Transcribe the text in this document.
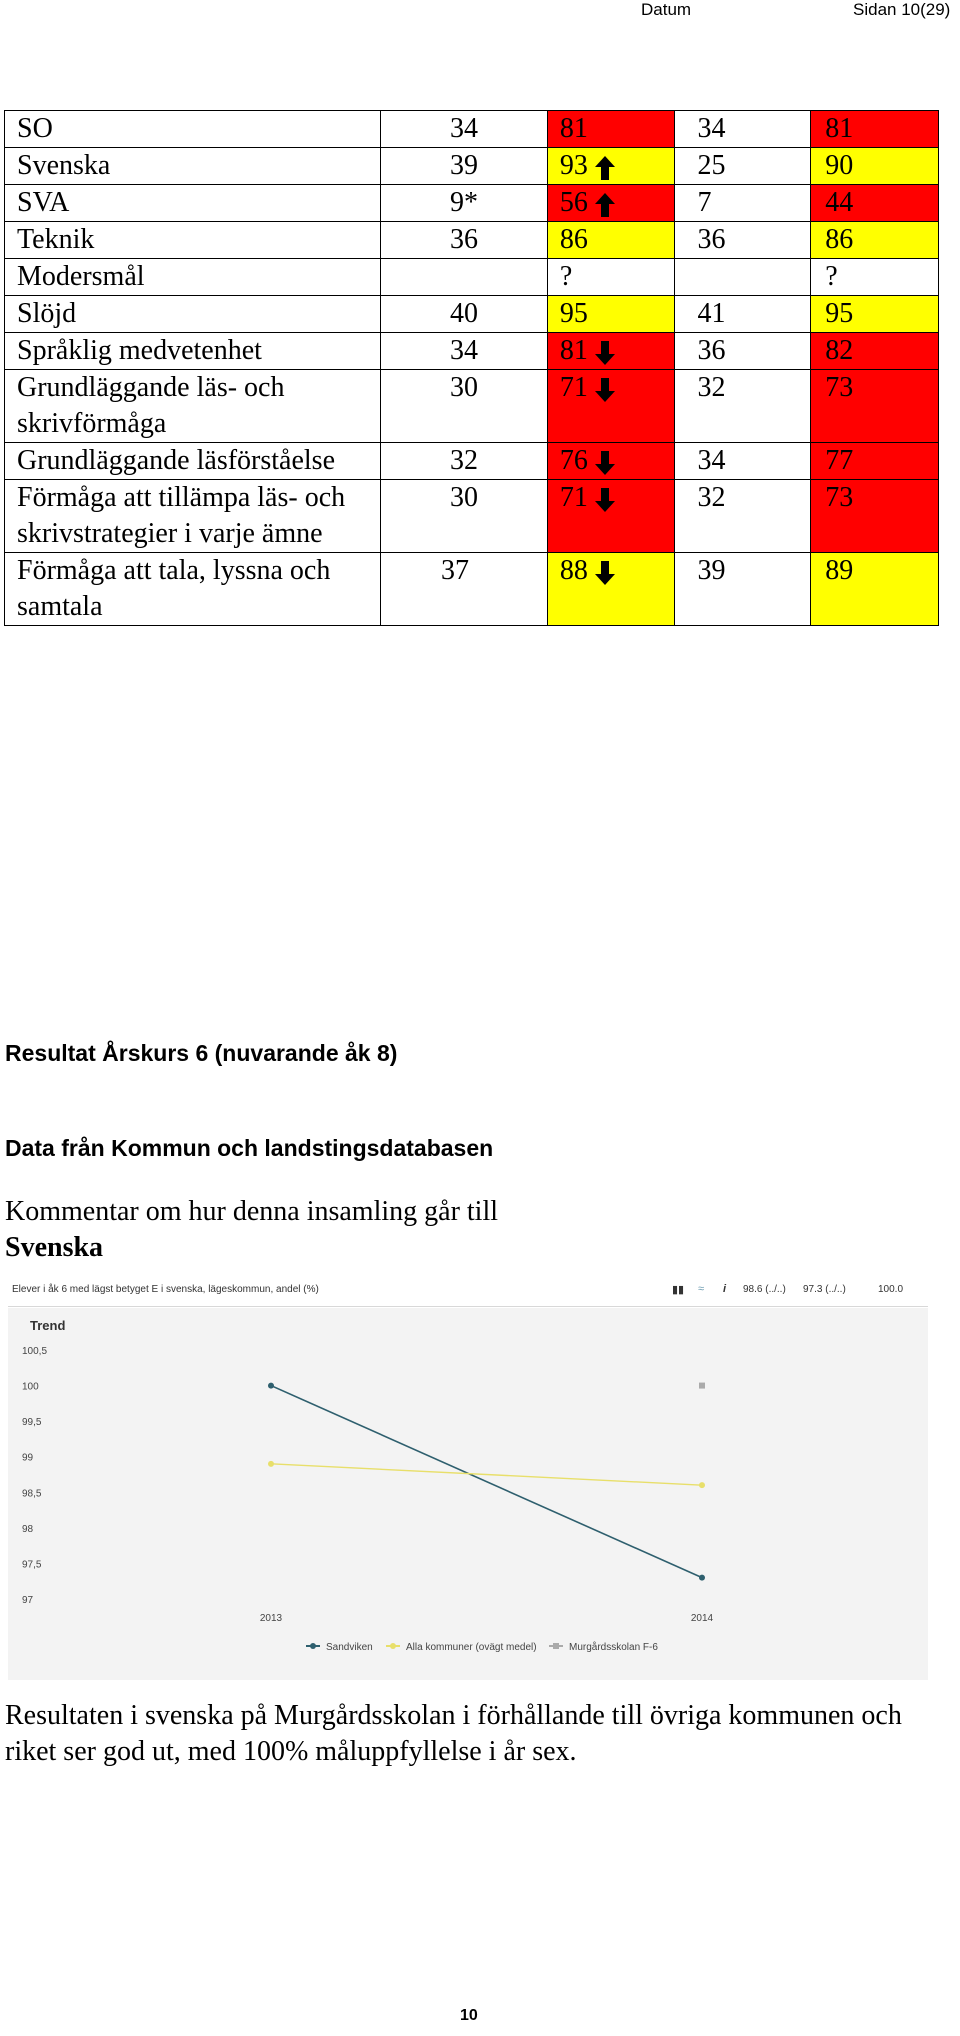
Datum	Sidan 10(29)
SO	34	81	34	81
Svenska	39	93	25	90
SVA	9*	56	7	44
Teknik	36	86	36	86
Modersmål		?		?
Slöjd	40	95	41	95
Språklig medvetenhet	34	81	36	82
Grundläggande läs- och skrivförmåga	30	71	32	73
Grundläggande läsförståelse	32	76	34	77
Förmåga att tillämpa läs- och skrivstrategier i varje ämne	30	71	32	73
Förmåga att tala, lyssna och samtala	37	88	39	89
Resultat Årskurs 6 (nuvarande åk 8)
Data från Kommun och landstingsdatabasen
Kommentar om hur denna insamling går till
Svenska
Elever i åk 6 med lägst betyget E i svenska, lägeskommun, andel (%)	▮▮ ≈ i 98.6 (../..) 97.3 (../..)	100.0
Trend
100,5
100
99,5
99
98,5
98
97,5
97
2013	2014
Sandviken	Alla kommuner (ovägt medel)	Murgårdsskolan F-6
Resultaten i svenska på Murgårdsskolan i förhållande till övriga kommunen och riket ser god ut, med 100% måluppfyllelse i år sex.
10
